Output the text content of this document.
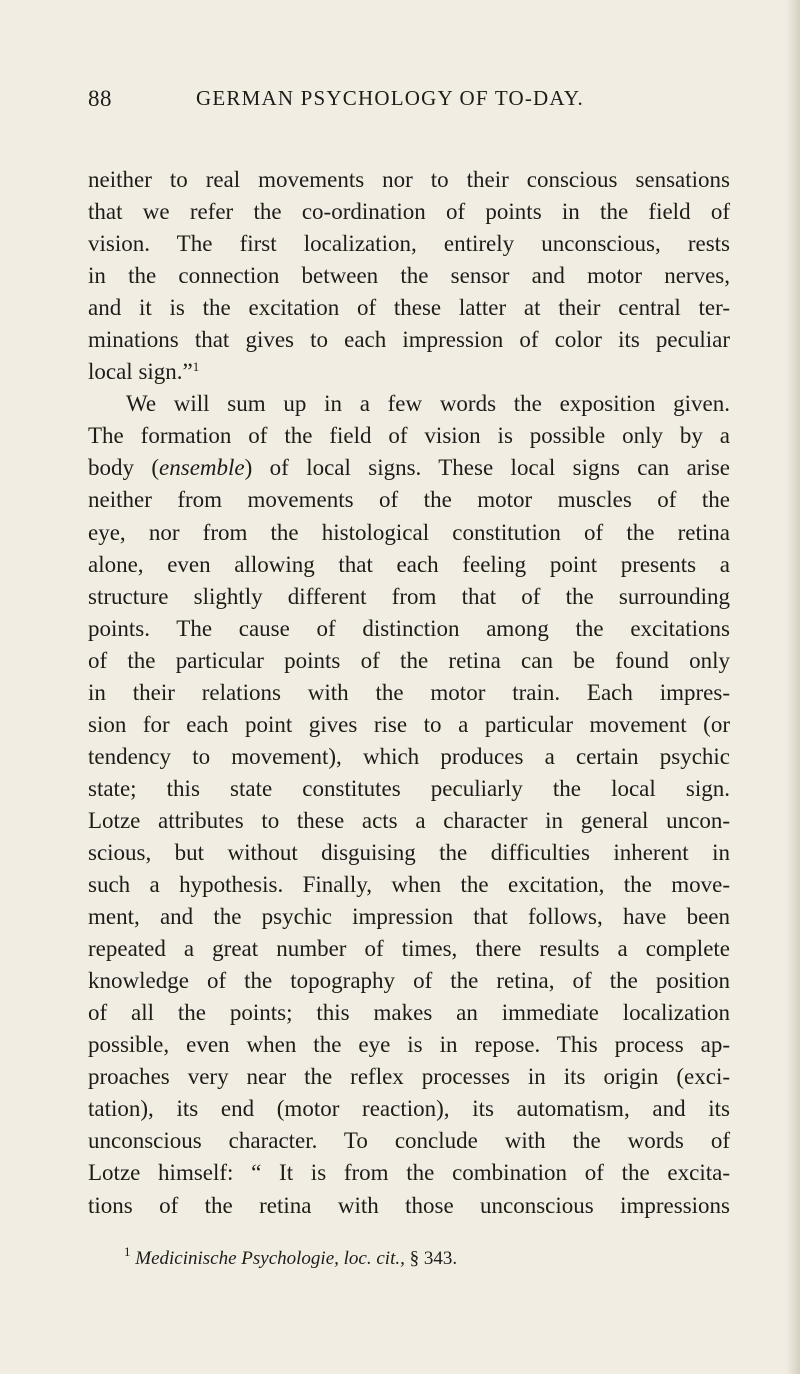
88	GERMAN PSYCHOLOGY OF TO-DAY.
neither to real movements nor to their conscious sensations
that we refer the co-ordination of points in the field of
vision. The first localization, entirely unconscious, rests
in the connection between the sensor and motor nerves,
and it is the excitation of these latter at their central ter-
minations that gives to each impression of color its peculiar
local sign.”$^1$
We will sum up in a few words the exposition given.
The formation of the field of vision is possible only by a
body (ensemble) of local signs. These local signs can arise
neither from movements of the motor muscles of the
eye, nor from the histological constitution of the retina
alone, even allowing that each feeling point presents a
structure slightly different from that of the surrounding
points. The cause of distinction among the excitations
of the particular points of the retina can be found only
in their relations with the motor train. Each impres-
sion for each point gives rise to a particular movement (or
tendency to movement), which produces a certain psychic
state; this state constitutes peculiarly the local sign.
Lotze attributes to these acts a character in general uncon-
scious, but without disguising the difficulties inherent in
such a hypothesis. Finally, when the excitation, the move-
ment, and the psychic impression that follows, have been
repeated a great number of times, there results a complete
knowledge of the topography of the retina, of the position
of all the points; this makes an immediate localization
possible, even when the eye is in repose. This process ap-
proaches very near the reflex processes in its origin (exci-
tation), its end (motor reaction), its automatism, and its
unconscious character. To conclude with the words of
Lotze himself: “ It is from the combination of the excita-
tions of the retina with those unconscious impressions
$^1$ Medicinische Psychologie, loc. cit., § 343.
